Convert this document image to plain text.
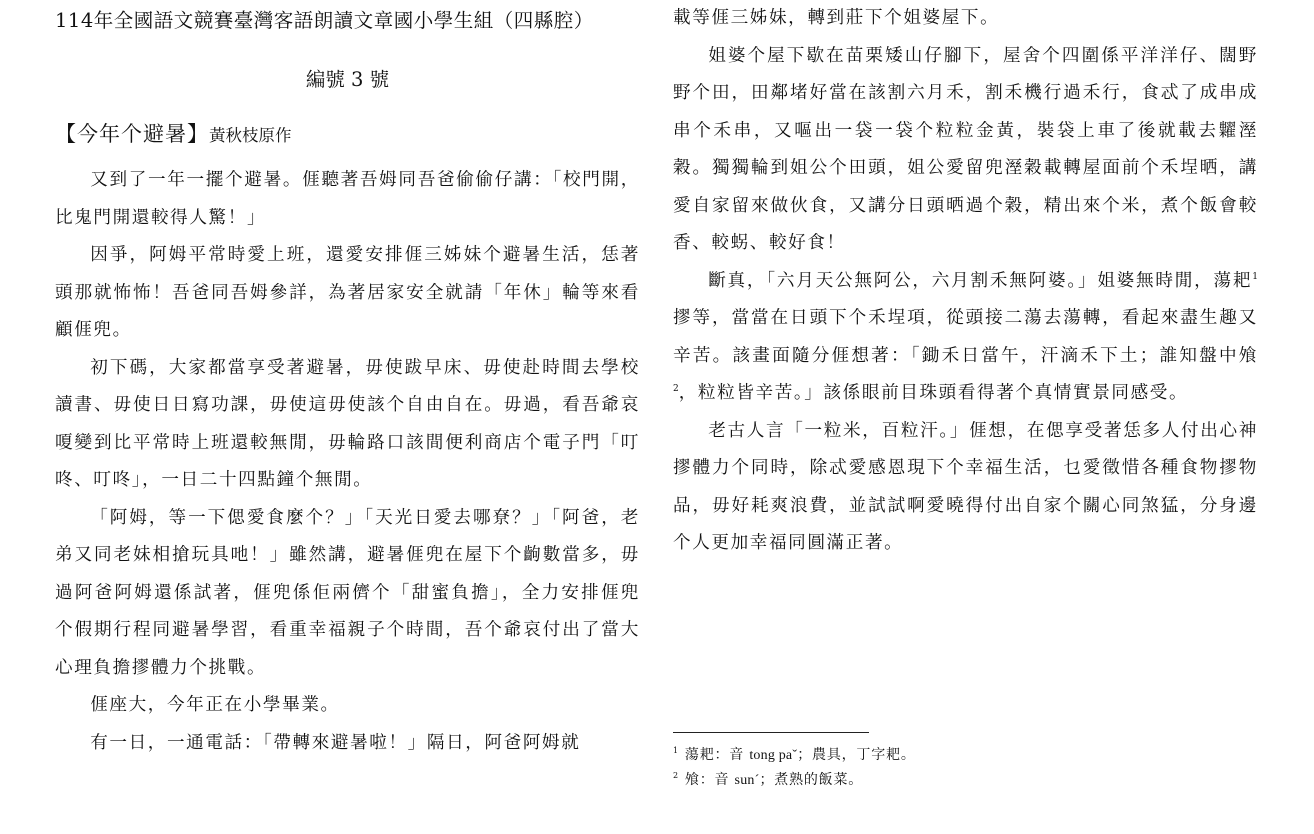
114年全國語文競賽臺灣客語朗讀文章國小學生組（四縣腔）

編號 3 號

【今年个避暑】黃秋枝原作

又到了一年一擺个避暑。𠊎聽著吾姆同吾爸偷偷仔講：「校門開，比鬼門開還較得人驚！」

因爭，阿姆平常時愛上班，還愛安排𠊎三姊妹个避暑生活，恁著頭那就怖怖！吾爸同吾姆參詳，為著居家安全就請「年休」輪等來看顧𠊎兜。

初下碼，大家都當享受著避暑，毋使跋早床、毋使赴時間去學校讀書、毋使日日寫功課，毋使這毋使該个自由自在。毋過，看吾爺哀嗄變到比平常時上班還較無閒，毋輪路口該間便利商店个電子門「叮咚、叮咚」，一日二十四點鐘个無閒。

「阿姆，等一下偲愛食麼个？」「天光日愛去哪尞？」「阿爸，老弟又同老妹相搶玩具吔！」雖然講，避暑𠊎兜在屋下个齣數當多，毋過阿爸阿姆還係試著，𠊎兜係佢兩儕个「甜蜜負擔」，全力安排𠊎兜个假期行程同避暑學習，看重幸福親子个時間，吾个爺哀付出了當大心理負擔摎體力个挑戰。

𠊎座大，今年正在小學畢業。

有一日，一通電話：「帶轉來避暑啦！」隔日，阿爸阿姆就

載等𠊎三姊妹，轉到莊下个姐婆屋下。

姐婆个屋下歇在苗栗矮山仔腳下，屋舍个四圍係平洋洋仔、闊野野个田，田鄰堵好當在該割六月禾，割禾機行過禾行，食忒了成串成串个禾串，又嘔出一袋一袋个粒粒金黃，裝袋上車了後就載去糶溼穀。獨獨輪到姐公个田頭，姐公愛留兜溼穀載轉屋面前个禾埕晒，講愛自家留來做伙食，又講分日頭晒過个穀，精出來个米，煮个飯會較香、較𧊅、較好食！

斷真，「六月天公無阿公，六月割禾無阿婆。」姐婆無時閒，蕩耙$^1$摎等，當當在日頭下个禾埕項，從頭接二蕩去蕩轉，看起來盡生趣又辛苦。該畫面隨分𠊎想著：「鋤禾日當午，汗滴禾下土；誰知盤中飧$^2$，粒粒皆辛苦。」該係眼前目珠頭看得著个真情實景同感受。

老古人言「一粒米，百粒汗。」𠊎想，在偲享受著恁多人付出心神摎體力个同時，除忒愛感恩現下个幸福生活，乜愛徵惜各種食物摎物品，毋好耗爽浪費，並試試啊愛曉得付出自家个關心同煞猛，分身邊个人更加幸福同圓滿正著。

$^1$ 蕩耙：音 tong paˇ；農具，丁字耙。
$^2$ 飧：音 sun´；煮熟的飯菜。
